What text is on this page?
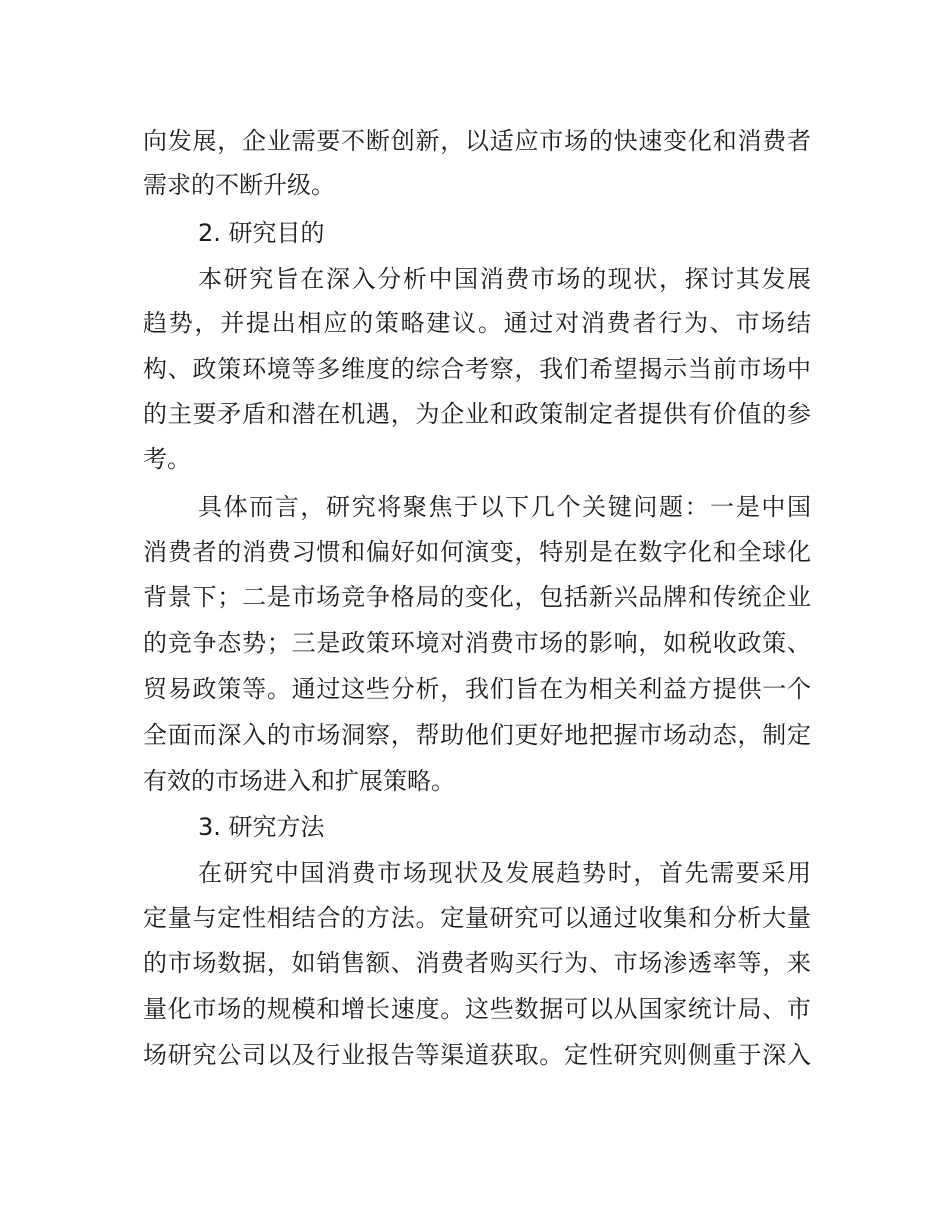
向发展，企业需要不断创新，以适应市场的快速变化和消费者
需求的不断升级。
2. 研究目的
本研究旨在深入分析中国消费市场的现状，探讨其发展
趋势，并提出相应的策略建议。通过对消费者行为、市场结
构、政策环境等多维度的综合考察，我们希望揭示当前市场中
的主要矛盾和潜在机遇，为企业和政策制定者提供有价值的参
考。
具体而言，研究将聚焦于以下几个关键问题：一是中国
消费者的消费习惯和偏好如何演变，特别是在数字化和全球化
背景下；二是市场竞争格局的变化，包括新兴品牌和传统企业
的竞争态势；三是政策环境对消费市场的影响，如税收政策、
贸易政策等。通过这些分析，我们旨在为相关利益方提供一个
全面而深入的市场洞察，帮助他们更好地把握市场动态，制定
有效的市场进入和扩展策略。
3. 研究方法
在研究中国消费市场现状及发展趋势时，首先需要采用
定量与定性相结合的方法。定量研究可以通过收集和分析大量
的市场数据，如销售额、消费者购买行为、市场渗透率等，来
量化市场的规模和增长速度。这些数据可以从国家统计局、市
场研究公司以及行业报告等渠道获取。定性研究则侧重于深入
